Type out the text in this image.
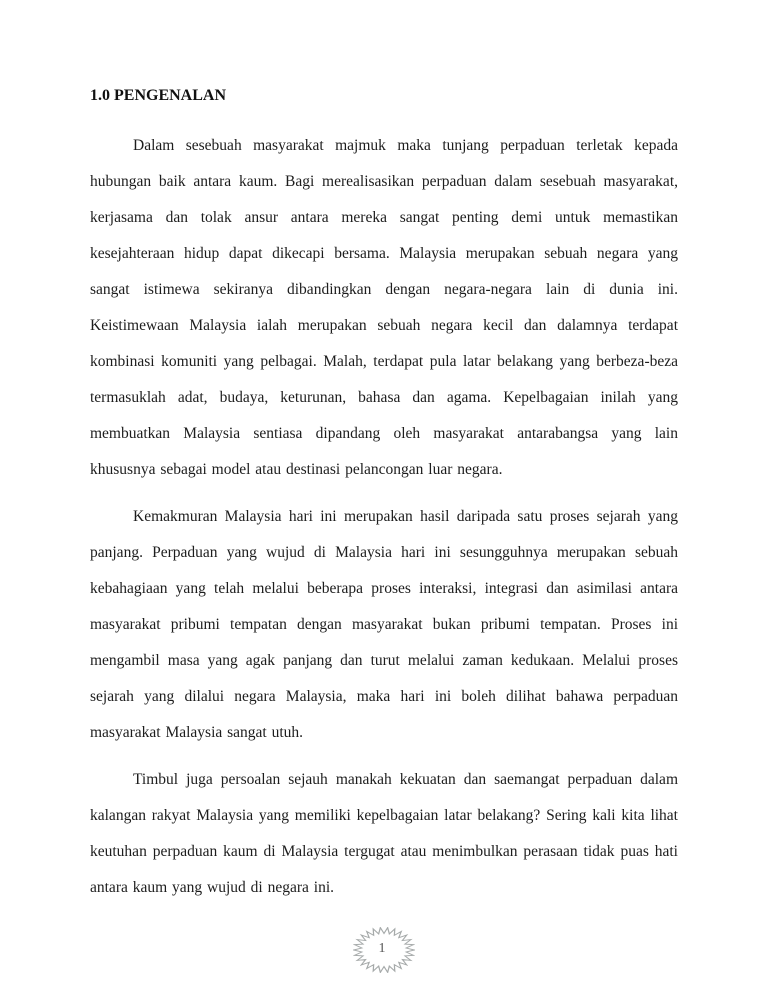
1.0 PENGENALAN

Dalam sesebuah masyarakat majmuk maka tunjang perpaduan terletak kepada hubungan baik antara kaum. Bagi merealisasikan perpaduan dalam sesebuah masyarakat, kerjasama dan tolak ansur antara mereka sangat penting demi untuk memastikan kesejahteraan hidup dapat dikecapi bersama. Malaysia merupakan sebuah negara yang sangat istimewa sekiranya dibandingkan dengan negara-negara lain di dunia ini. Keistimewaan Malaysia ialah merupakan sebuah negara kecil dan dalamnya terdapat kombinasi komuniti yang pelbagai. Malah, terdapat pula latar belakang yang berbeza-beza termasuklah adat, budaya, keturunan, bahasa dan agama. Kepelbagaian inilah yang membuatkan Malaysia sentiasa dipandang oleh masyarakat antarabangsa yang lain khususnya sebagai model atau destinasi pelancongan luar negara.

Kemakmuran Malaysia hari ini merupakan hasil daripada satu proses sejarah yang panjang. Perpaduan yang wujud di Malaysia hari ini sesungguhnya merupakan sebuah kebahagiaan yang telah melalui beberapa proses interaksi, integrasi dan asimilasi antara masyarakat pribumi tempatan dengan masyarakat bukan pribumi tempatan. Proses ini mengambil masa yang agak panjang dan turut melalui zaman kedukaan. Melalui proses sejarah yang dilalui negara Malaysia, maka hari ini boleh dilihat bahawa perpaduan masyarakat Malaysia sangat utuh.

Timbul juga persoalan sejauh manakah kekuatan dan saemangat perpaduan dalam kalangan rakyat Malaysia yang memiliki kepelbagaian latar belakang? Sering kali kita lihat keutuhan perpaduan kaum di Malaysia tergugat atau menimbulkan perasaan tidak puas hati antara kaum yang wujud di negara ini.

1
